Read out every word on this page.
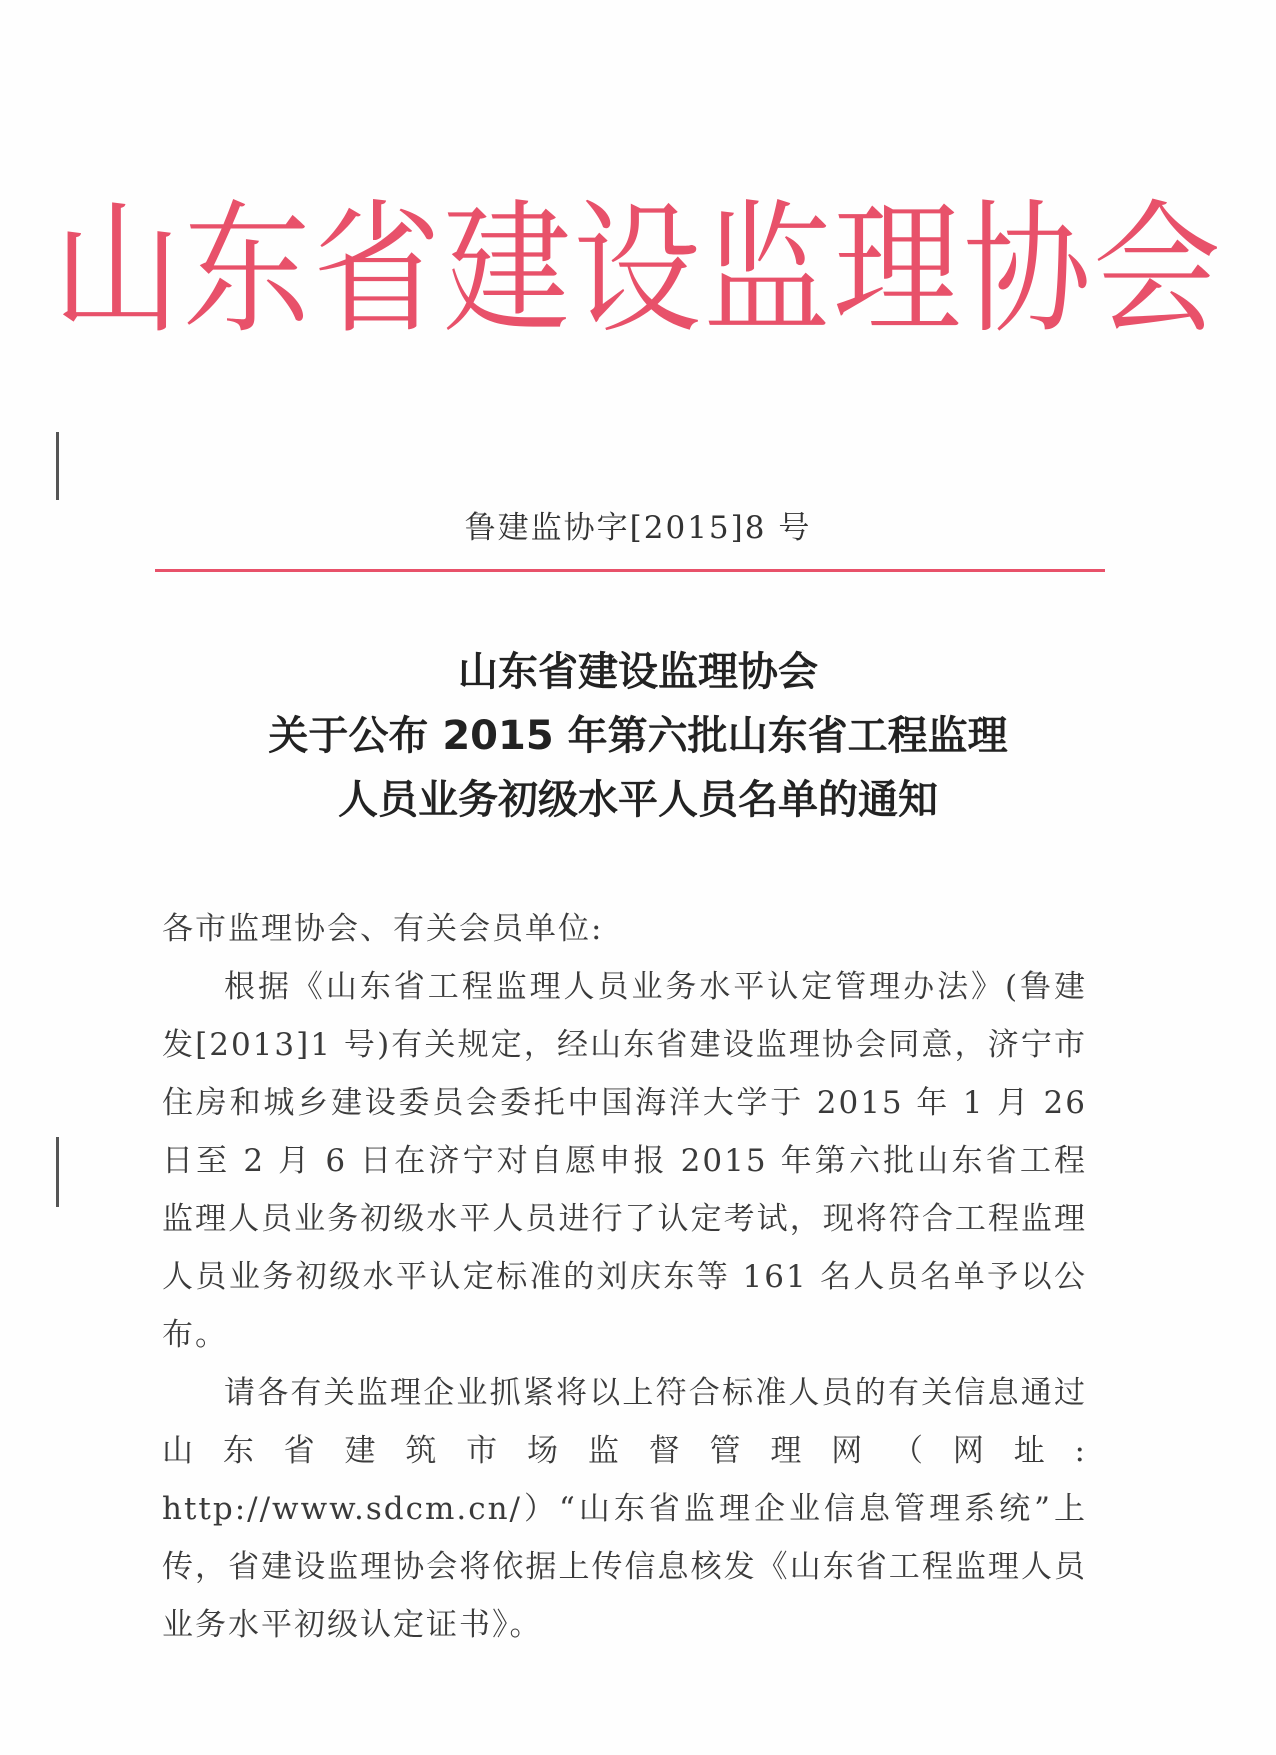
山东省建设监理协会
鲁建监协字[2015]8 号
山东省建设监理协会
关于公布 2015 年第六批山东省工程监理
人员业务初级水平人员名单的通知

各市监理协会、有关会员单位:

根据《山东省工程监理人员业务水平认定管理办法》(鲁建发[2013]1 号)有关规定，经山东省建设监理协会同意，济宁市住房和城乡建设委员会委托中国海洋大学于 2015 年 1 月 26 日至 2 月 6 日在济宁对自愿申报 2015 年第六批山东省工程监理人员业务初级水平人员进行了认定考试，现将符合工程监理人员业务初级水平认定标准的刘庆东等 161 名人员名单予以公布。

请各有关监理企业抓紧将以上符合标准人员的有关信息通过山东省建筑市场监督管理网（网址: http://www.sdcm.cn/）“山东省监理企业信息管理系统”上传，省建设监理协会将依据上传信息核发《山东省工程监理人员业务水平初级认定证书》。
